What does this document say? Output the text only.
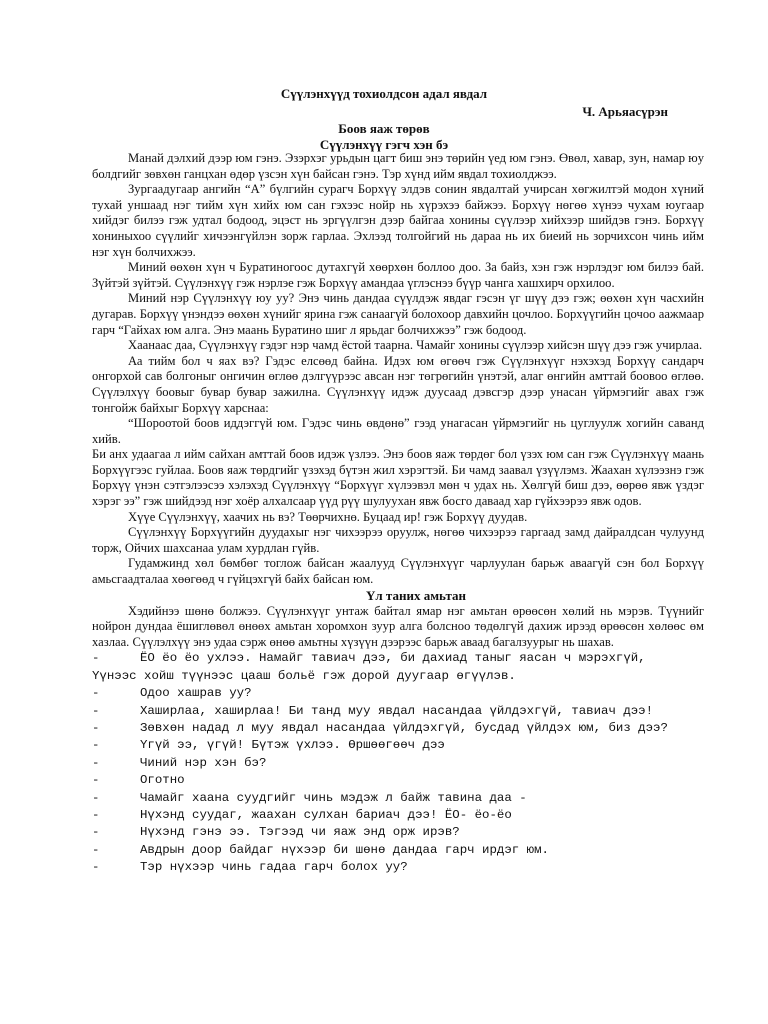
Сүүлэнхүүд тохиолдсон адал явдал
Ч. Арьяасүрэн
Боов яаж төрөв
Сүүлэнхүү гэгч хэн бэ

Манай дэлхий дээр юм гэнэ. Эзэрхэг урьдын цагт биш энэ төрийн үед юм гэнэ. Өвөл, хавар, зун, намар юу болдгийг зөвхөн ганцхан өдөр үзсэн хүн байсан гэнэ. Тэр хүнд ийм явдал тохиолджээ.

Зургаадугаар ангийн “А” бүлгийн сурагч Борхүү элдэв сонин явдалтай учирсан хөгжилтэй модон хүний тухай уншаад нэг тийм хүн хийх юм сан гэхээс нойр нь хүрэхээ байжээ. Борхүү нөгөө хүнээ чухам юугаар хийдэг билээ гэж удтал бодоод, эцэст нь эргүүлгэн дээр байгаа хонины сүүлээр хийхээр шийдэв гэнэ. Борхүү хониныхоо сүүлийг хичээнгүйлэн зорж гарлаа. Эхлээд толгойгий нь дараа нь их биеий нь зорчихсон чинь ийм нэг хүн болчихжээ.

Миний өөхөн хүн ч Буратиногоос дутахгүй хөөрхөн боллоо доо. За байз, хэн гэж нэрлэдэг юм билээ бай. Зүйтэй зүйтэй. Сүүлэнхүү гэж нэрлэе гэж Борхүү амандаа үглэснээ бүүр чанга хашхирч орхилоо.

Миний нэр Сүүлэнхүү юу уу? Энэ чинь дандаа сүүлдэж явдаг гэсэн үг шүү дээ гэж; өөхөн хүн часхийн дугарав. Борхүү үнэндээ өөхөн хүнийг ярина гэж санаагүй болохоор давхийн цочлоо. Борхүүгийн цочоо аажмаар гарч “Гайхах юм алга. Энэ маань Буратино шиг л ярьдаг болчихжээ” гэж бодоод.

Хаанаас даа, Сүүлэнхүү гэдэг нэр чамд ёстой таарна. Чамайг хонины сүүлээр хийсэн шүү дээ гэж учирлаа.

Аа тийм бол ч яах вэ? Гэдэс елсөөд байна. Идэх юм өгөөч гэж Сүүлэнхүүг нэхэхэд Борхүү сандарч онгорхой сав болгоныг онгичин өглөө дэлгүүрээс авсан нэг төгрөгийн үнэтэй, алаг өнгийн амттай боовоо өглөө. Сүүлэлхүү боовыг бувар бувар зажилна. Сүүлэнхүү идэж дуусаад дэвсгэр дээр унасан үйрмэгийг авах гэж тонгойж байхыг Борхүү харснаа:

“Шороотой боов иддэггүй юм. Гэдэс чинь өвдөнө” гээд унагасан үйрмэгийг нь цуглуулж хогийн саванд хийв.

Би анх удаагаа л ийм сайхан амттай боов идэж үзлээ. Энэ боов яаж төрдөг бол үзэх юм сан гэж Сүүлэнхүү маань Борхүүгээс гуйлаа. Боов яаж төрдгийг үзэхэд бүтэн жил хэрэгтэй. Би чамд заавал үзүүлэмз. Жаахан хүлээзнэ гэж Борхүү үнэн сэтгэлээсээ хэлэхэд Сүүлэнхүү “Борхүүг хүлээвэл мөн ч удах нь. Хөлгүй биш дээ, өөрөө явж үздэг хэрэг ээ” гэж шийдээд нэг хоёр алхалсаар үүд рүү шулуухан явж босго даваад хар гүйхээрээ явж одов.

Хүүе Сүүлэнхүү, хаачих нь вэ? Төөрчихнө. Буцаад ир! гэж Борхүү дуудав.

Сүүлэнхүү Борхүүгийн дуудахыг нэг чихээрээ оруулж, нөгөө чихээрээ гаргаад замд дайралдсан чулуунд торж, Ойчих шахсанаа улам хурдлан гүйв.

Гудамжинд хөл бөмбөг тоглож байсан жаалууд Сүүлэнхүүг чарлуулан барьж аваагүй сэн бол Борхүү амьсгаадталаа хөөгөөд ч гүйцэхгүй байх байсан юм.

Үл таних амьтан

Хэдийнээ шөнө болжээ. Сүүлэнхүүг унтаж байтал ямар нэг амьтан өрөөсөн хөлий нь мэрэв. Түүнийг нойрон дундаа ёшиглөвөл өнөөх амьтан хоромхон зуур алга болсноо төдөлгүй дахиж ирээд өрөөсөн хөлөөс өм хазлаа. Сүүлэлхүү энэ удаа сэрж өнөө амьтны хүзүүн дээрээс барьж аваад багалзуурыг нь шахав.

-	ЁО ёо ёо ухлээ. Намайг тавиач дээ, би дахиад таныг яасан ч мэрэхгүй,
Үүнээс хойш түүнээс цааш больё гэж дорой дуугаар өгүүлэв.
-	Одоо хашрав уу?
-	Хаширлаа, хаширлаа! Би танд муу явдал насандаа үйлдэхгүй, тавиач дээ!
-	Зөвхөн надад л муу явдал насандаа үйлдэхгүй, бусдад үйлдэх юм, биз дээ?
-	Үгүй ээ, үгүй! Бүтэж үхлээ. Өршөөгөөч дээ
-	Чиний нэр хэн бэ?
-	Оготно
-	Чамайг хаана суудгийг чинь мэдэж л байж тавина даа -
-	Нүхэнд суудаг, жаахан сулхан бариач дээ! ЁО- ёо-ёо
-	Нүхэнд гэнэ ээ. Тэгээд чи яаж энд орж ирэв?
-	Авдрын доор байдаг нүхээр би шөнө дандаа гарч ирдэг юм.
-	Тэр нүхээр чинь гадаа гарч болох уу?
